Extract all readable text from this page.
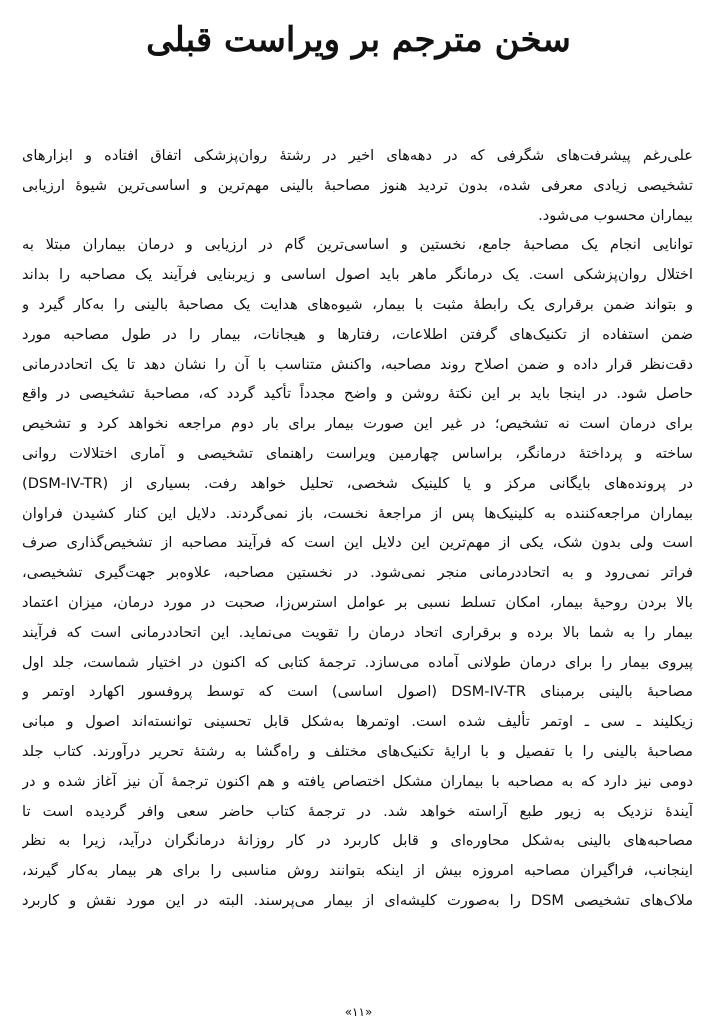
سخن مترجم بر ویراست قبلی
علی‌رغم پیشرفت‌های شگرفی که در دهه‌های اخیر در رشتهٔ روان‌پزشکی اتفاق افتاده و ابزارهای
تشخیصی زیادی معرفی شده، بدون تردید هنوز مصاحبهٔ بالینی مهم‌ترین و اساسی‌ترین شیوهٔ ارزیابی
بیماران محسوب می‌شود.
توانایی انجام یک مصاحبهٔ جامع، نخستین و اساسی‌ترین گام در ارزیابی و درمان بیماران مبتلا به
اختلال روان‌پزشکی است. یک درمانگر ماهر باید اصول اساسی و زیربنایی فرآیند یک مصاحبه را بداند
و بتواند ضمن برقراری یک رابطهٔ مثبت با بیمار، شیوه‌های هدایت یک مصاحبهٔ بالینی را به‌کار گیرد و
ضمن استفاده از تکنیک‌های گرفتن اطلاعات، رفتارها و هیجانات، بیمار را در طول مصاحبه مورد
دقت‌نظر قرار داده و ضمن اصلاح روند مصاحبه، واکنش متناسب با آن را نشان دهد تا یک اتحاددرمانی
حاصل شود. در اینجا باید بر این نکتهٔ روشن و واضح مجدداً تأکید گردد که، مصاحبهٔ تشخیصی در واقع
برای درمان است نه تشخیص؛ در غیر این صورت بیمار برای بار دوم مراجعه نخواهد کرد و تشخیص
ساخته و پرداختهٔ درمانگر، براساس چهارمین ویراست راهنمای تشخیصی و آماری اختلالات روانی
(DSM-IV-TR) در پرونده‌های بایگانی مرکز و یا کلینیک شخصی، تحلیل خواهد رفت. بسیاری از
بیماران مراجعه‌کننده به کلینیک‌ها پس از مراجعهٔ نخست، باز نمی‌گردند. دلایل این کنار کشیدن فراوان
است ولی بدون شک، یکی از مهم‌ترین این دلایل این است که فرآیند مصاحبه از تشخیص‌گذاری صرف
فراتر نمی‌رود و به اتحاددرمانی منجر نمی‌شود. در نخستین مصاحبه، علاوه‌بر جهت‌گیری تشخیصی،
بالا بردن روحیهٔ بیمار، امکان تسلط نسبی بر عوامل استرس‌زا، صحبت در مورد درمان، میزان اعتماد
بیمار را به شما بالا برده و برقراری اتحاد درمان را تقویت می‌نماید. این اتحاددرمانی است که فرآیند
پیروی بیمار را برای درمان طولانی آماده می‌سازد. ترجمهٔ کتابی که اکنون در اختیار شماست، جلد اول
مصاحبهٔ بالینی برمبنای DSM-IV-TR (اصول اساسی) است که توسط پروفسور اکهارد اوتمر و
زیکلیند ـ سی ـ اوتمر تألیف شده است. اوتمرها به‌شکل قابل تحسینی توانسته‌اند اصول و مبانی
مصاحبهٔ بالینی را با تفصیل و با ارایهٔ تکنیک‌های مختلف و راه‌گشا به رشتهٔ تحریر درآورند. کتاب جلد
دومی نیز دارد که به مصاحبه با بیماران مشکل اختصاص یافته و هم اکنون ترجمهٔ آن نیز آغاز شده و در
آیندهٔ نزدیک به زیور طبع آراسته خواهد شد. در ترجمهٔ کتاب حاضر سعی وافر گردیده است تا
مصاحبه‌های بالینی به‌شکل محاوره‌ای و قابل کاربرد در کار روزانهٔ درمانگران درآید، زیرا به نظر
اینجانب، فراگیران مصاحبه امروزه بیش از اینکه بتوانند روش مناسبی را برای هر بیمار به‌کار گیرند،
ملاک‌های تشخیصی DSM را به‌صورت کلیشه‌ای از بیمار می‌پرسند. البته در این مورد نقش و کاربرد
«۱۱»
